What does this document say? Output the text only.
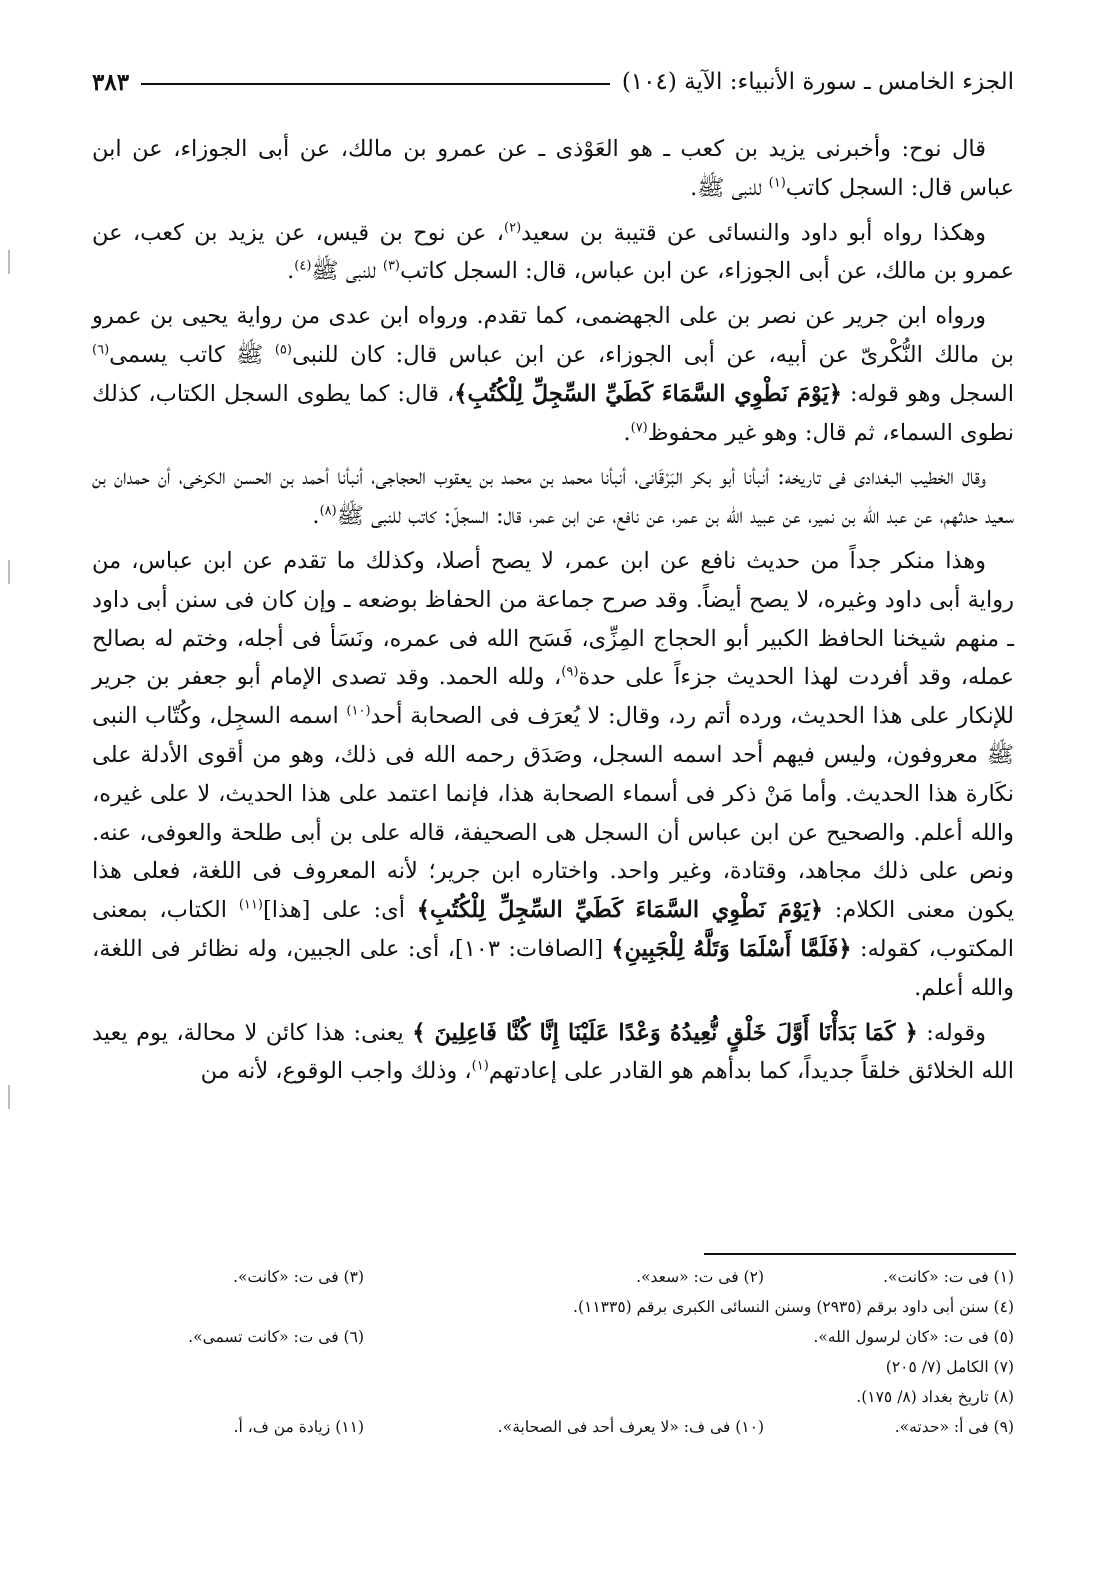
الجزء الخامس ـ سورة الأنبياء: الآية (١٠٤)
٣٨٣

قال نوح: وأخبرنى يزيد بن كعب ـ هو العَوْذى ـ عن عمرو بن مالك، عن أبى الجوزاء، عن ابن عباس قال: السجل كاتب$^{(١)}$ للنبى ﷺ.

وهكذا رواه أبو داود والنسائى عن قتيبة بن سعيد$^{(٢)}$، عن نوح بن قيس، عن يزيد بن كعب، عن عمرو بن مالك، عن أبى الجوزاء، عن ابن عباس، قال: السجل كاتب$^{(٣)}$ للنبى ﷺ$^{(٤)}$.

ورواه ابن جرير عن نصر بن على الجهضمى، كما تقدم. ورواه ابن عدى من رواية يحيى بن عمرو بن مالك النُّكْرىّ عن أبيه، عن أبى الجوزاء، عن ابن عباس قال: كان للنبى$^{(٥)}$ ﷺ كاتب يسمى$^{(٦)}$ السجل وهو قوله: ﴿يَوْمَ نَطْوِي السَّمَاءَ كَطَيِّ السِّجِلِّ لِلْكُتُبِ﴾، قال: كما يطوى السجل الكتاب، كذلك نطوى السماء، ثم قال: وهو غير محفوظ$^{(٧)}$.

وقال الخطيب البغدادى فى تاريخه: أنبأنا أبو بكر البَرْقَانى، أنبأنا محمد بن محمد بن يعقوب الحجاجى، أنبأنا أحمد بن الحسن الكرخى، أن حمدان بن سعيد حدثهم، عن عبد الله بن نمير، عن عبيد الله بن عمر، عن نافع، عن ابن عمر، قال: السجلّ: كاتب للنبى ﷺ$^{(٨)}$.

وهذا منكر جداً من حديث نافع عن ابن عمر، لا يصح أصلا، وكذلك ما تقدم عن ابن عباس، من رواية أبى داود وغيره، لا يصح أيضاً. وقد صرح جماعة من الحفاظ بوضعه ـ وإن كان فى سنن أبى داود ـ منهم شيخنا الحافظ الكبير أبو الحجاج المِزِّى، فَسَح الله فى عمره، ونَسَأ فى أجله، وختم له بصالح عمله، وقد أفردت لهذا الحديث جزءاً على حدة$^{(٩)}$، ولله الحمد. وقد تصدى الإمام أبو جعفر بن جرير للإنكار على هذا الحديث، ورده أتم رد، وقال: لا يُعرَف فى الصحابة أحد$^{(١٠)}$ اسمه السجِل، وكُتّاب النبى ﷺ معروفون، وليس فيهم أحد اسمه السجل، وصَدَق رحمه الله فى ذلك، وهو من أقوى الأدلة على نكَارة هذا الحديث. وأما مَنْ ذكر فى أسماء الصحابة هذا، فإنما اعتمد على هذا الحديث، لا على غيره، والله أعلم. والصحيح عن ابن عباس أن السجل هى الصحيفة، قاله على بن أبى طلحة والعوفى، عنه. ونص على ذلك مجاهد، وقتادة، وغير واحد. واختاره ابن جرير؛ لأنه المعروف فى اللغة، فعلى هذا يكون معنى الكلام: ﴿يَوْمَ نَطْوِي السَّمَاءَ كَطَيِّ السِّجِلِّ لِلْكُتُبِ﴾ أى: على [هذا]$^{(١١)}$ الكتاب، بمعنى المكتوب، كقوله: ﴿فَلَمَّا أَسْلَمَا وَتَلَّهُ لِلْجَبِينِ﴾ [الصافات: ١٠٣]، أى: على الجبين، وله نظائر فى اللغة، والله أعلم.

وقوله: ﴿ كَمَا بَدَأْنَا أَوَّلَ خَلْقٍ نُّعِيدُهُ وَعْدًا عَلَيْنَا إِنَّا كُنَّا فَاعِلِينَ ﴾ يعنى: هذا كائن لا محالة، يوم يعيد الله الخلائق خلقاً جديداً، كما بدأهم هو القادر على إعادتهم$^{(١)}$، وذلك واجب الوقوع، لأنه من

(١) فى ت: «كانت».
(٢) فى ت: «سعد».
(٣) فى ت: «كانت».
(٤) سنن أبى داود برقم (٢٩٣٥) وسنن النسائى الكبرى برقم (١١٣٣٥).
(٥) فى ت: «كان لرسول الله».
(٦) فى ت: «كانت تسمى».
(٧) الكامل (٧/ ٢٠٥)
(٨) تاريخ بغداد (٨/ ١٧٥).
(٩) فى أ: «حدته».
(١٠) فى ف: «لا يعرف أحد فى الصحابة».
(١١) زيادة من ف، أ.
